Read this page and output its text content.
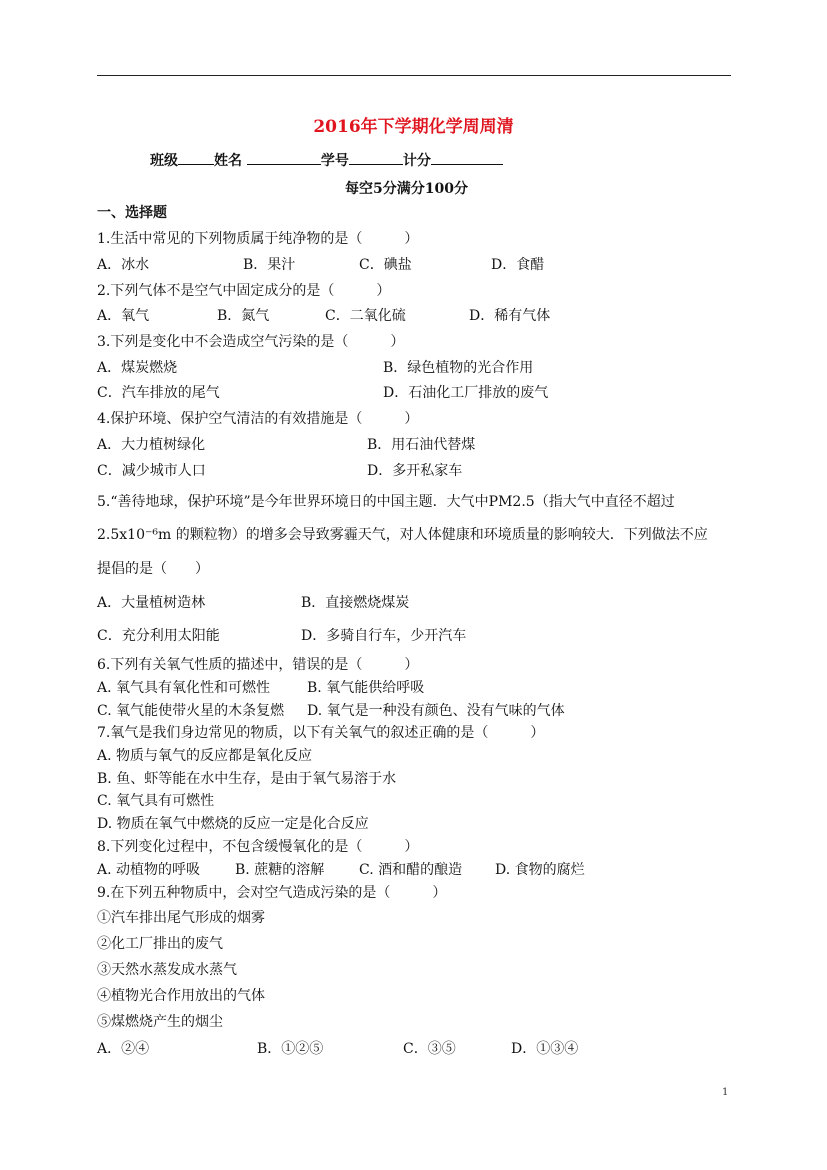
2016年下学期化学周周清
班级	姓名	学号	计分
每空5分满分100分
一、选择题
1.生活中常见的下列物质属于纯净物的是（　　　）
A．冰水	B．果汁	C．碘盐	D．食醋
2.下列气体不是空气中固定成分的是（　　　）
A．氧气	B．氮气	C．二氧化硫	D．稀有气体
3.下列是变化中不会造成空气污染的是（　　　）
A．煤炭燃烧	B．绿色植物的光合作用
C．汽车排放的尾气	D．石油化工厂排放的废气
4.保护环境、保护空气清洁的有效措施是（　　　）
A．大力植树绿化	B．用石油代替煤
C．减少城市人口	D．多开私家车
5.“善待地球，保护环境”是今年世界环境日的中国主题．大气中PM2.5（指大气中直径不超过
2.5x10⁻⁶m 的颗粒物）的增多会导致雾霾天气，对人体健康和环境质量的影响较大．下列做法不应
提倡的是（　　）
A．大量植树造林	B．直接燃烧煤炭
C．充分利用太阳能	D．多骑自行车，少开汽车
6.下列有关氧气性质的描述中，错误的是（　　　）
A. 氧气具有氧化性和可燃性	B. 氧气能供给呼吸
C. 氧气能使带火星的木条复燃 D. 氧气是一种没有颜色、没有气味的气体
7.氧气是我们身边常见的物质，以下有关氧气的叙述正确的是（　　　）
A. 物质与氧气的反应都是氧化反应
B. 鱼、虾等能在水中生存，是由于氧气易溶于水
C. 氧气具有可燃性
D. 物质在氧气中燃烧的反应一定是化合反应
8.下列变化过程中，不包含缓慢氧化的是（　　　）
A. 动植物的呼吸 B. 蔗糖的溶解 C. 酒和醋的酿造 D. 食物的腐烂
9.在下列五种物质中，会对空气造成污染的是（　　　）
①汽车排出尾气形成的烟雾
②化工厂排出的废气
③天然水蒸发成水蒸气
④植物光合作用放出的气体
⑤煤燃烧产生的烟尘
A．②④	B．①②⑤	C．③⑤	D．①③④
1
